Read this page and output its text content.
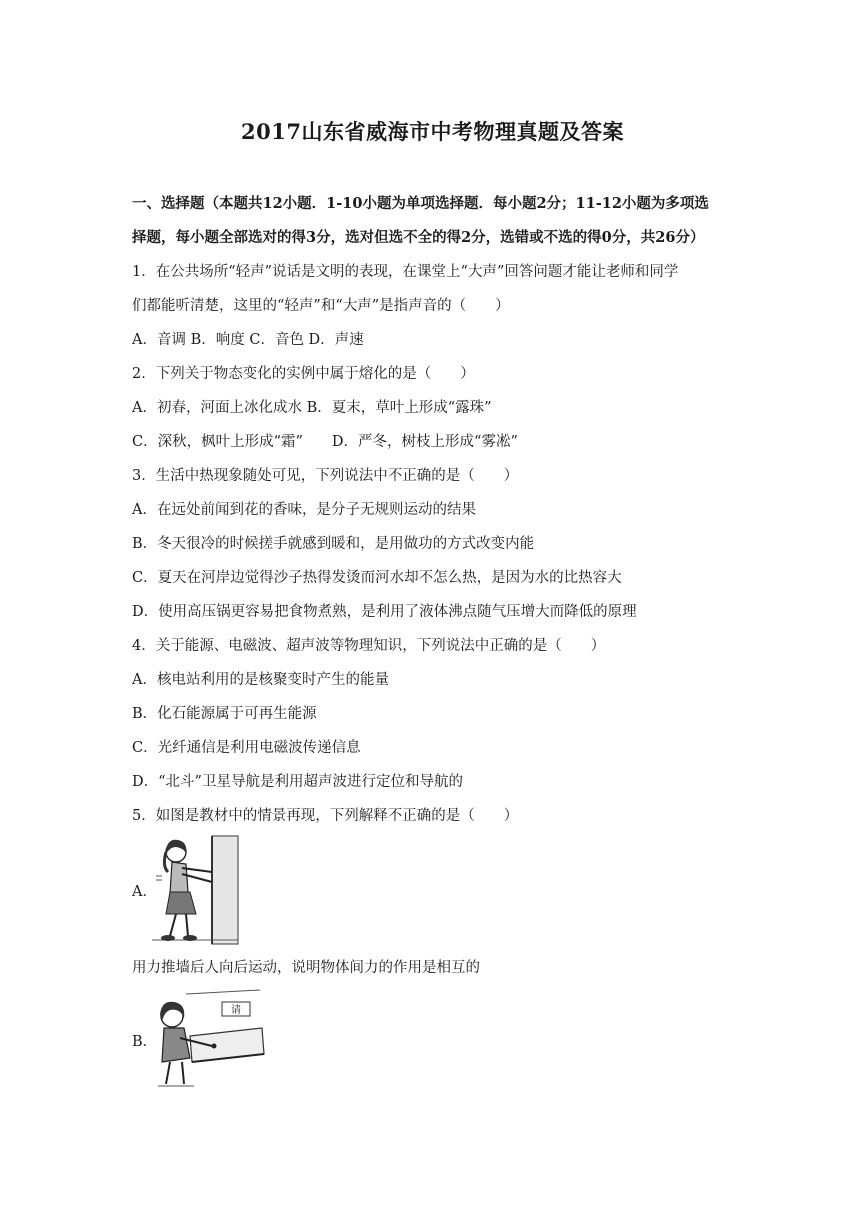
2017山东省威海市中考物理真题及答案
一、选择题（本题共12小题．1-10小题为单项选择题．每小题2分；11-12小题为多项选
择题，每小题全部选对的得3分，选对但选不全的得2分，选错或不选的得0分，共26分）
1．在公共场所“轻声”说话是文明的表现，在课堂上“大声”回答问题才能让老师和同学
们都能听清楚，这里的“轻声”和“大声”是指声音的（　　）
A．音调 B．响度 C．音色 D．声速
2．下列关于物态变化的实例中属于熔化的是（　　）
A．初春，河面上冰化成水 B．夏末，草叶上形成“露珠”
C．深秋，枫叶上形成“霜”　　D．严冬，树枝上形成“雾凇”
3．生活中热现象随处可见，下列说法中不正确的是（　　）
A．在远处前闻到花的香味，是分子无规则运动的结果
B．冬天很冷的时候搓手就感到暖和，是用做功的方式改变内能
C．夏天在河岸边觉得沙子热得发烫而河水却不怎么热，是因为水的比热容大
D．使用高压锅更容易把食物煮熟，是利用了液体沸点随气压增大而降低的原理
4．关于能源、电磁波、超声波等物理知识，下列说法中正确的是（　　）
A．核电站利用的是核聚变时产生的能量
B．化石能源属于可再生能源
C．光纤通信是利用电磁波传递信息
D．“北斗”卫星导航是利用超声波进行定位和导航的
5．如图是教材中的情景再现，下列解释不正确的是（　　）
A．
用力推墙后人向后运动，说明物体间力的作用是相互的
B．
请
